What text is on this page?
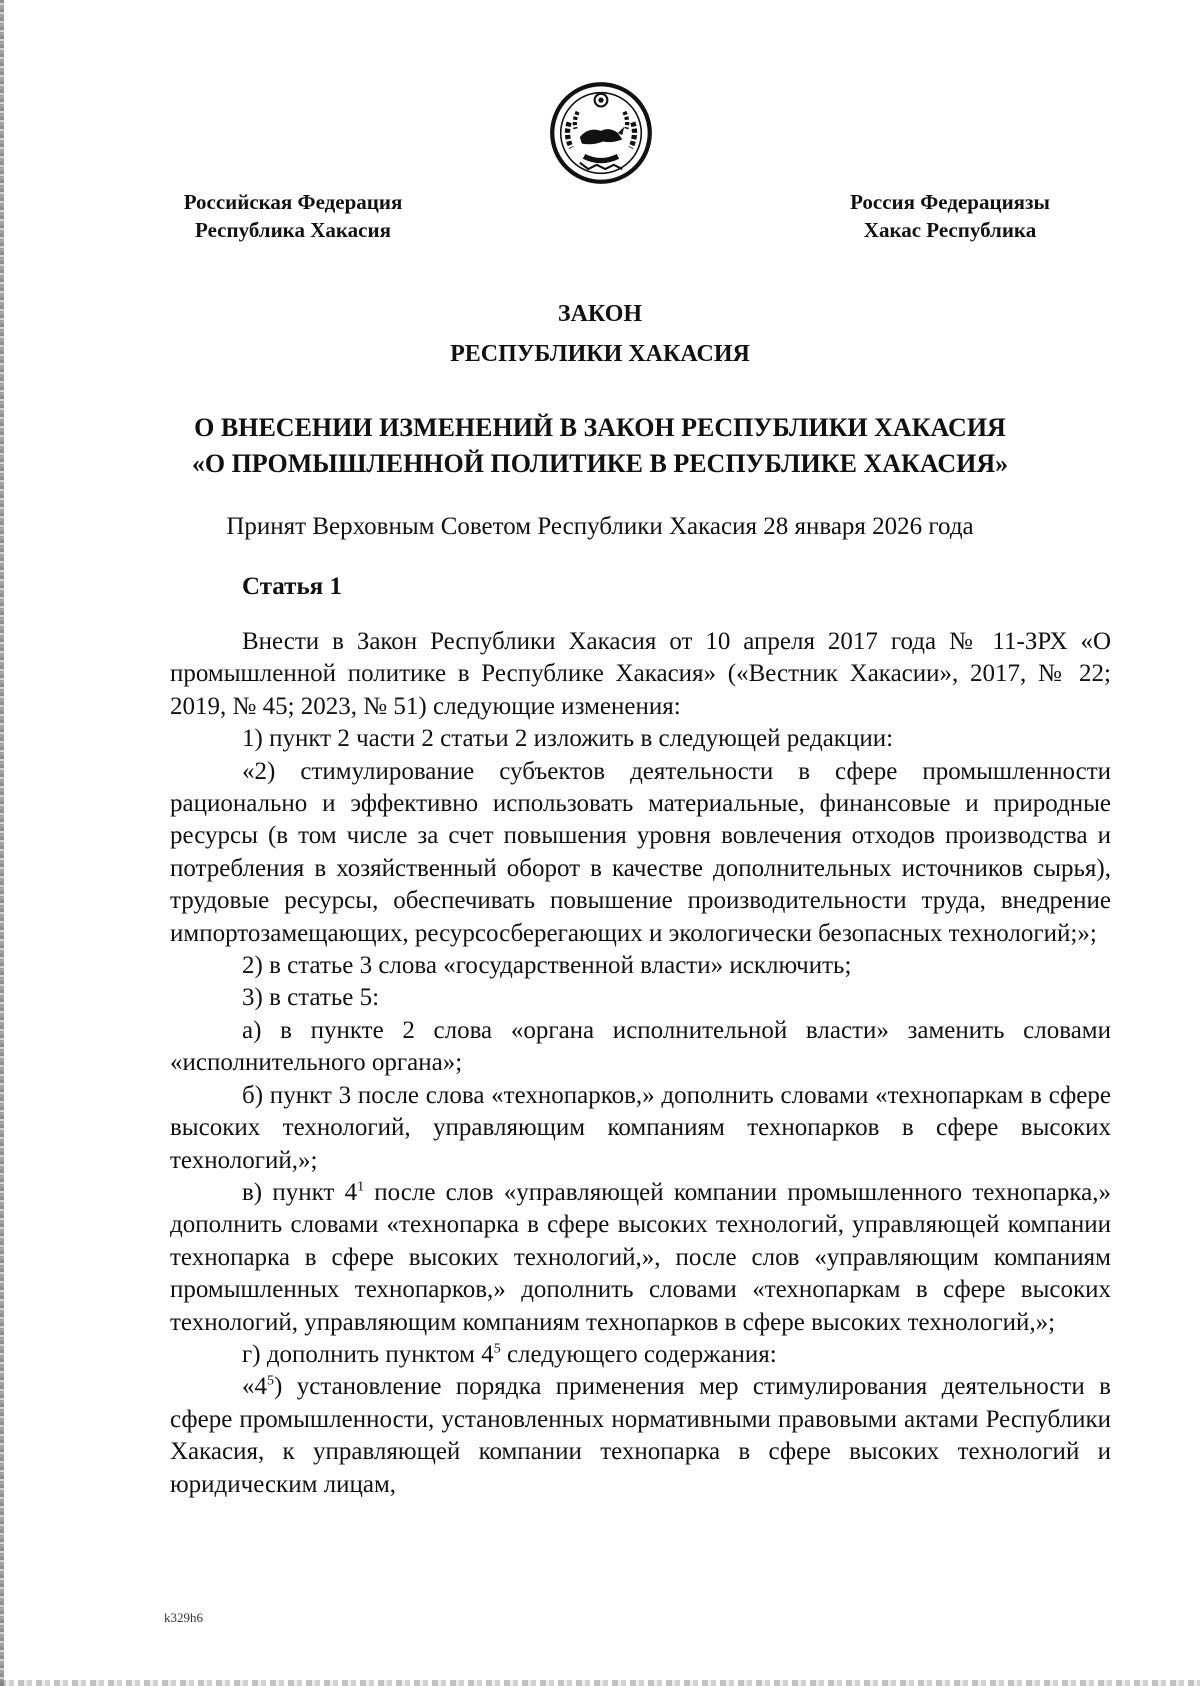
Российская Федерация
Республика Хакасия
Россия Федерациязы
Хакас Республика
ЗАКОН
РЕСПУБЛИКИ ХАКАСИЯ
О ВНЕСЕНИИ ИЗМЕНЕНИЙ В ЗАКОН РЕСПУБЛИКИ ХАКАСИЯ
«О ПРОМЫШЛЕННОЙ ПОЛИТИКЕ В РЕСПУБЛИКЕ ХАКАСИЯ»
Принят Верховным Советом Республики Хакасия 28 января 2026 года
Статья 1

Внести в Закон Республики Хакасия от 10 апреля 2017 года № 11-ЗРХ «О промышленной политике в Республике Хакасия» («Вестник Хакасии», 2017, № 22; 2019, № 45; 2023, № 51) следующие изменения:

1) пункт 2 части 2 статьи 2 изложить в следующей редакции:

«2) стимулирование субъектов деятельности в сфере промышленности рационально и эффективно использовать материальные, финансовые и природные ресурсы (в том числе за счет повышения уровня вовлечения отходов производства и потребления в хозяйственный оборот в качестве дополнительных источников сырья), трудовые ресурсы, обеспечивать повышение производительности труда, внедрение импортозамещающих, ресурсосберегающих и экологически безопасных технологий;»;

2) в статье 3 слова «государственной власти» исключить;

3) в статье 5:

а) в пункте 2 слова «органа исполнительной власти» заменить словами «исполнительного органа»;

б) пункт 3 после слова «технопарков,» дополнить словами «технопаркам в сфере высоких технологий, управляющим компаниям технопарков в сфере высоких технологий,»;

в) пункт $4^1$ после слов «управляющей компании промышленного технопарка,» дополнить словами «технопарка в сфере высоких технологий, управляющей компании технопарка в сфере высоких технологий,», после слов «управляющим компаниям промышленных технопарков,» дополнить словами «технопаркам в сфере высоких технологий, управляющим компаниям технопарков в сфере высоких технологий,»;

г) дополнить пунктом $4^5$ следующего содержания:

«$4^5$) установление порядка применения мер стимулирования деятельности в сфере промышленности, установленных нормативными правовыми актами Республики Хакасия, к управляющей компании технопарка в сфере высоких технологий и юридическим лицам,

k329h6
